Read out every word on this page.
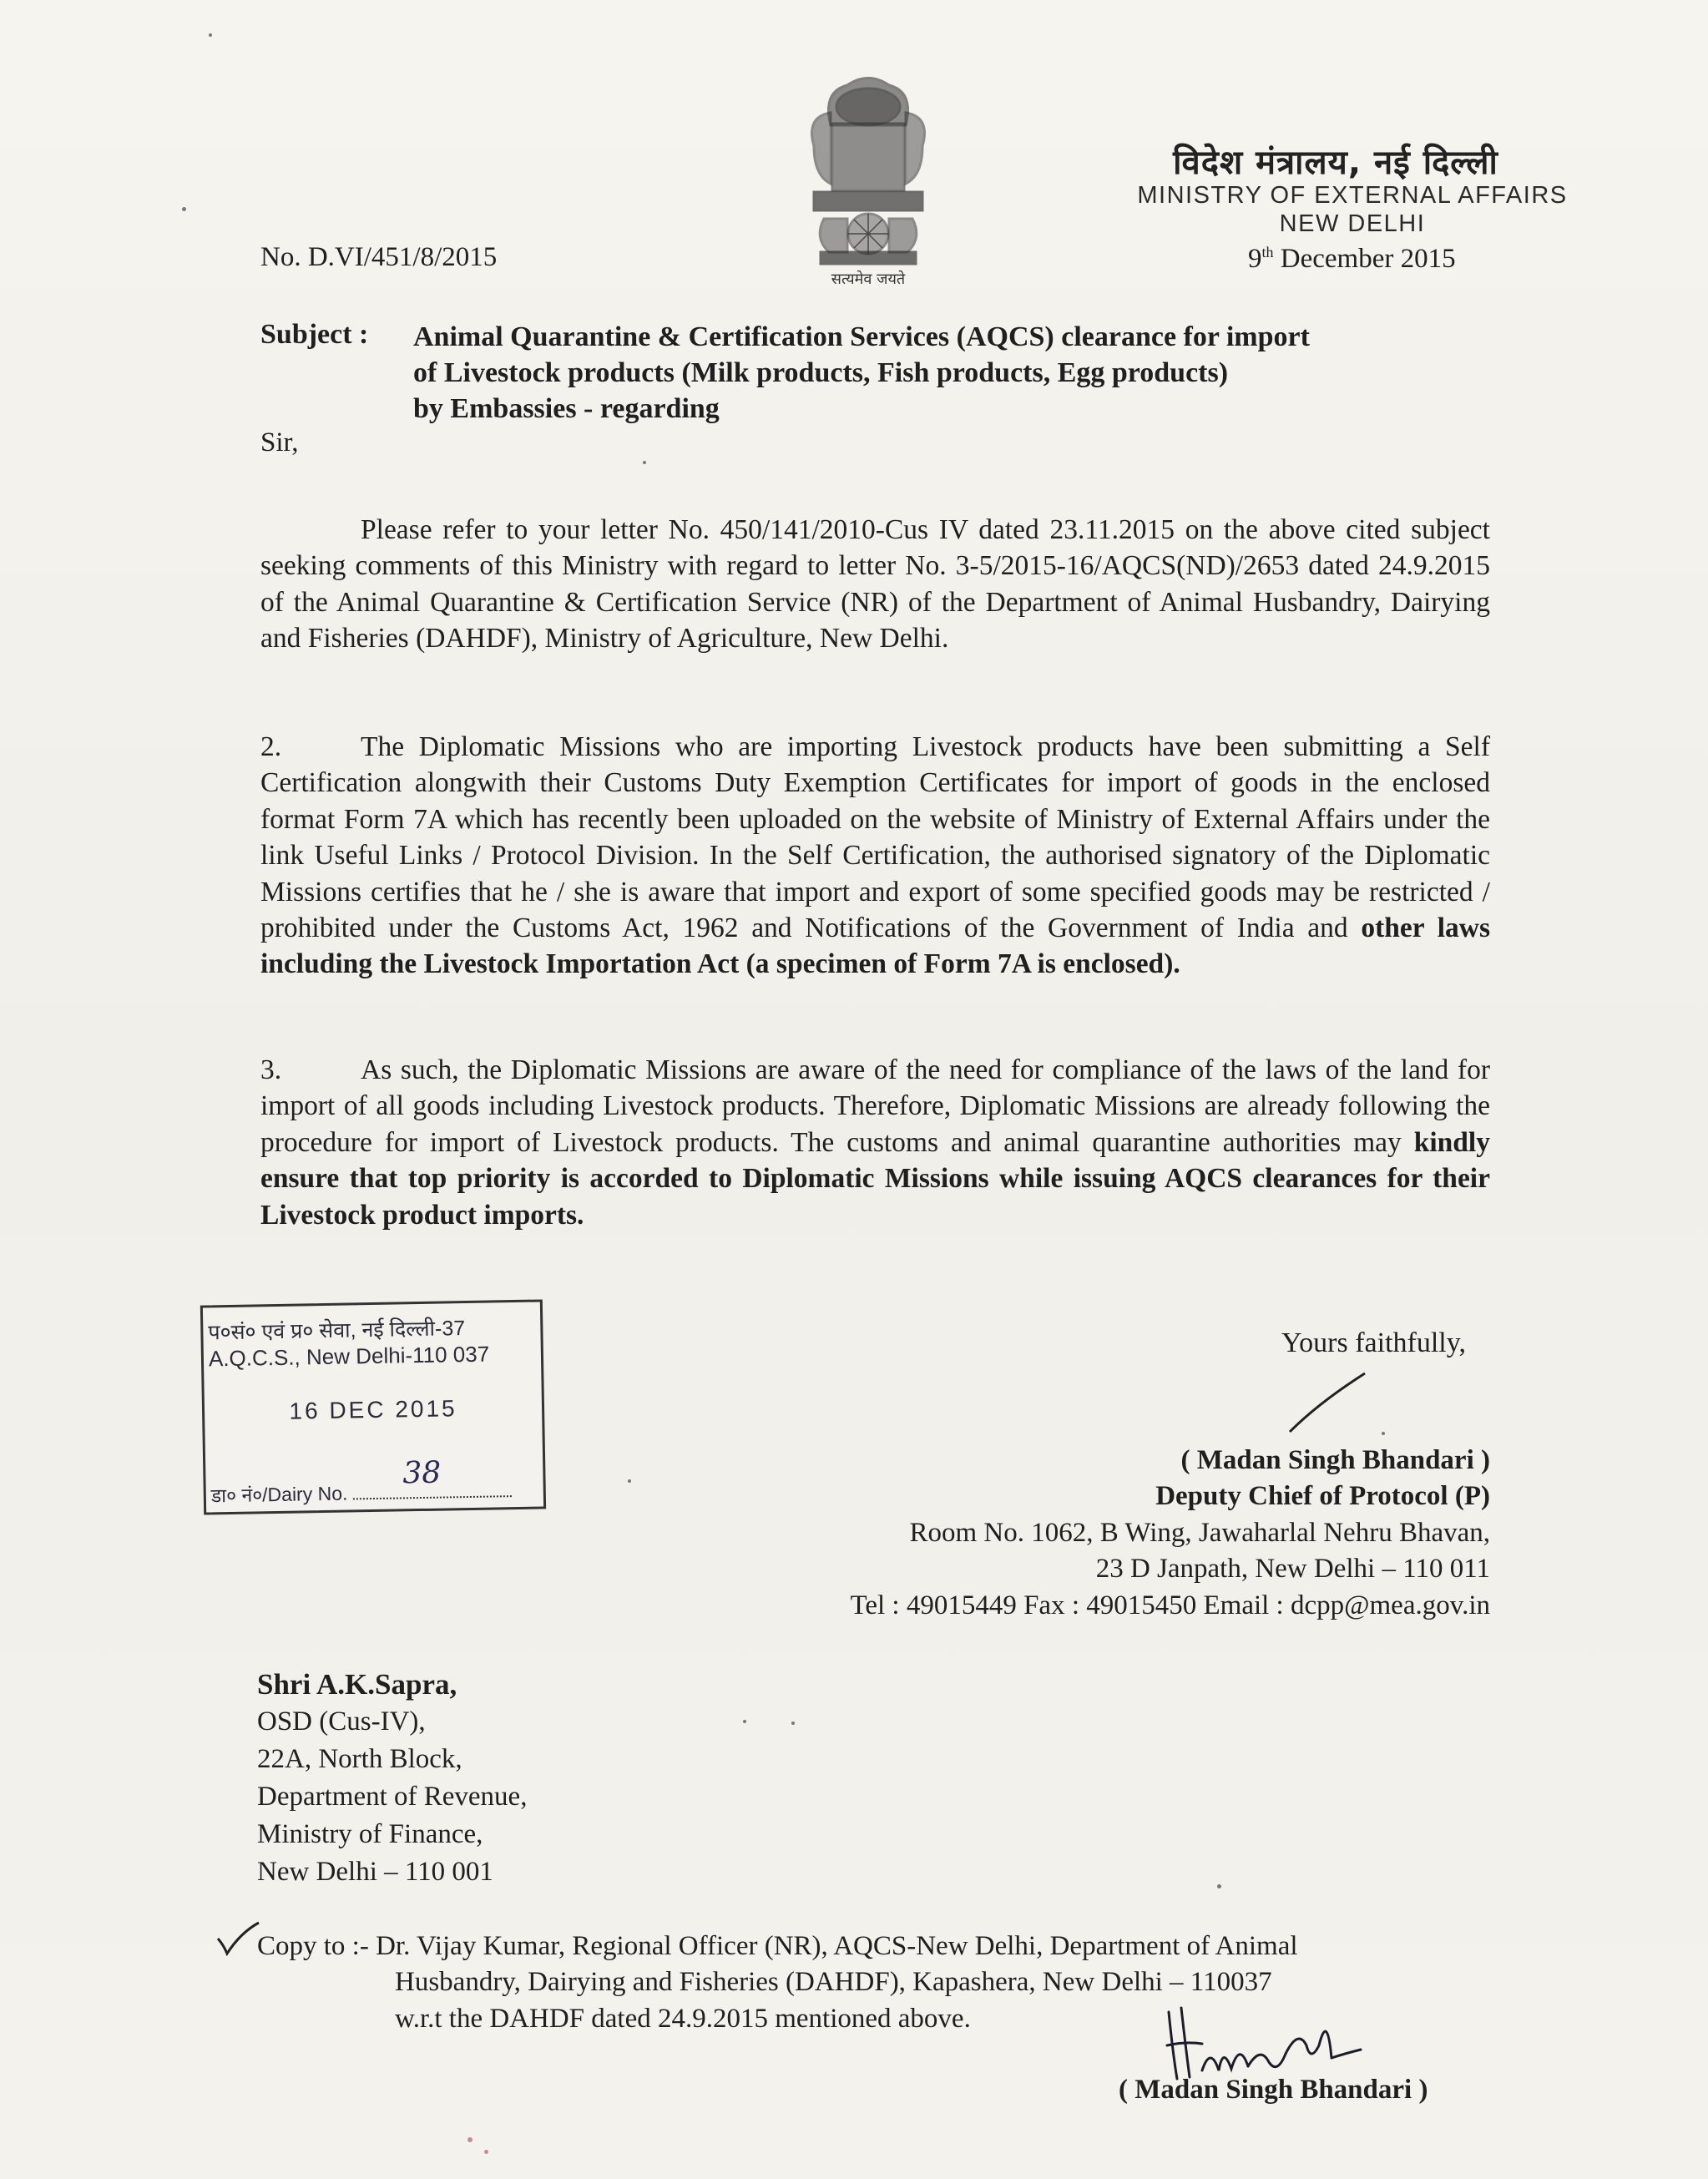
सत्यमेव जयते
विदेश मंत्रालय, नई दिल्ली
MINISTRY OF EXTERNAL AFFAIRS
NEW DELHI
No. D.VI/451/8/2015	9th December 2015
Subject : Animal Quarantine & Certification Services (AQCS) clearance for import
of Livestock products (Milk products, Fish products, Egg products)
by Embassies - regarding
Sir,
Please refer to your letter No. 450/141/2010-Cus IV dated 23.11.2015 on the above cited subject seeking comments of this Ministry with regard to letter No. 3-5/2015-16/AQCS(ND)/2653 dated 24.9.2015 of the Animal Quarantine & Certification Service (NR) of the Department of Animal Husbandry, Dairying and Fisheries (DAHDF), Ministry of Agriculture, New Delhi.
2.	The Diplomatic Missions who are importing Livestock products have been submitting a Self Certification alongwith their Customs Duty Exemption Certificates for import of goods in the enclosed format Form 7A which has recently been uploaded on the website of Ministry of External Affairs under the link Useful Links / Protocol Division. In the Self Certification, the authorised signatory of the Diplomatic Missions certifies that he / she is aware that import and export of some specified goods may be restricted / prohibited under the Customs Act, 1962 and Notifications of the Government of India and other laws including the Livestock Importation Act (a specimen of Form 7A is enclosed).
3.	As such, the Diplomatic Missions are aware of the need for compliance of the laws of the land for import of all goods including Livestock products. Therefore, Diplomatic Missions are already following the procedure for import of Livestock products. The customs and animal quarantine authorities may kindly ensure that top priority is accorded to Diplomatic Missions while issuing AQCS clearances for their Livestock product imports.
प०सं० एवं प्र० सेवा, नई दिल्ली-37
A.Q.C.S., New Delhi-110 037
16 DEC 2015
38
डा० नं०/Dairy No.
Yours faithfully,
( Madan Singh Bhandari )
Deputy Chief of Protocol (P)
Room No. 1062, B Wing, Jawaharlal Nehru Bhavan,
23 D Janpath, New Delhi – 110 011
Tel : 49015449 Fax : 49015450 Email : dcpp@mea.gov.in
Shri A.K.Sapra,
OSD (Cus-IV),
22A, North Block,
Department of Revenue,
Ministry of Finance,
New Delhi – 110 001
Copy to :- Dr. Vijay Kumar, Regional Officer (NR), AQCS-New Delhi, Department of Animal
Husbandry, Dairying and Fisheries (DAHDF), Kapashera, New Delhi – 110037
w.r.t the DAHDF dated 24.9.2015 mentioned above.
( Madan Singh Bhandari )
